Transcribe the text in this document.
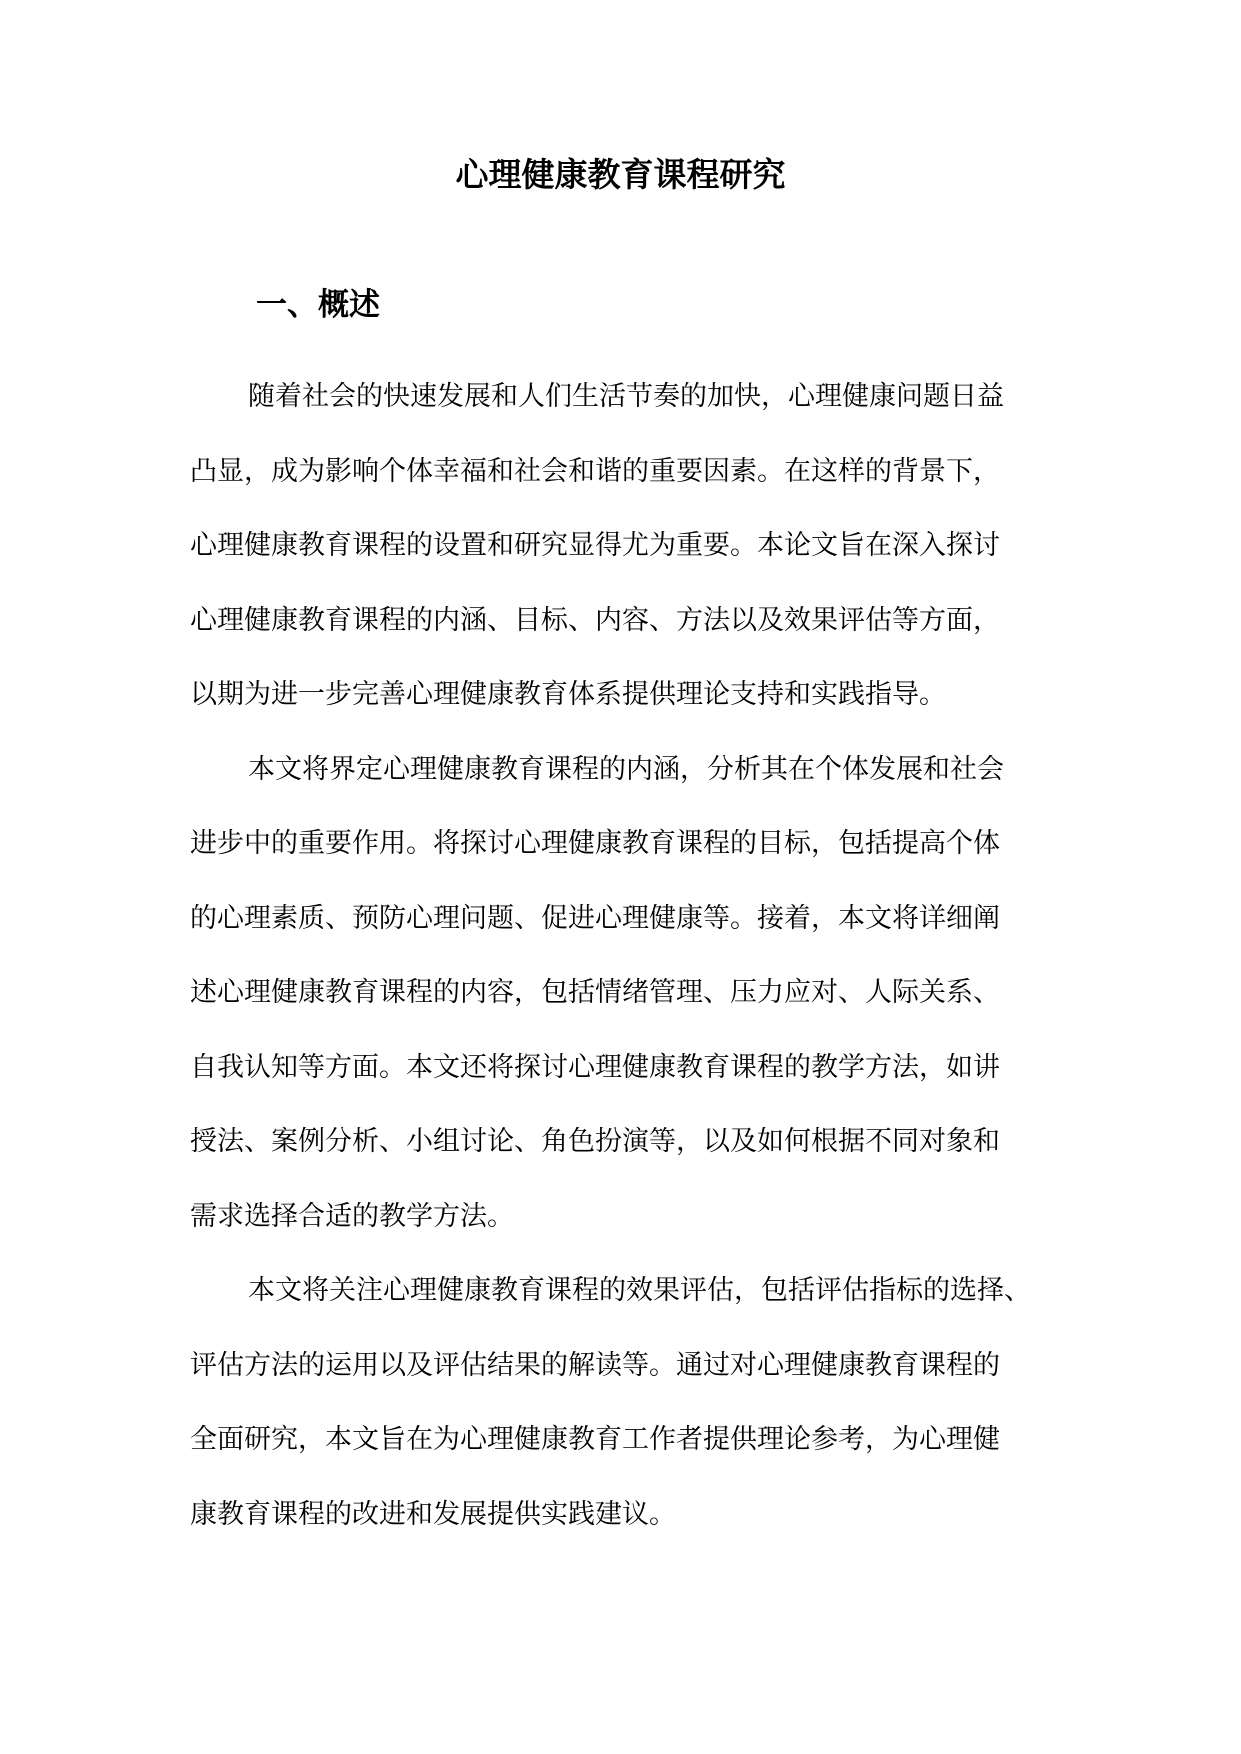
心理健康教育课程研究
一、概述

随着社会的快速发展和人们生活节奏的加快，心理健康问题日益
凸显，成为影响个体幸福和社会和谐的重要因素。在这样的背景下，
心理健康教育课程的设置和研究显得尤为重要。本论文旨在深入探讨
心理健康教育课程的内涵、目标、内容、方法以及效果评估等方面，
以期为进一步完善心理健康教育体系提供理论支持和实践指导。

本文将界定心理健康教育课程的内涵，分析其在个体发展和社会
进步中的重要作用。将探讨心理健康教育课程的目标，包括提高个体
的心理素质、预防心理问题、促进心理健康等。接着，本文将详细阐
述心理健康教育课程的内容，包括情绪管理、压力应对、人际关系、
自我认知等方面。本文还将探讨心理健康教育课程的教学方法，如讲
授法、案例分析、小组讨论、角色扮演等，以及如何根据不同对象和
需求选择合适的教学方法。

本文将关注心理健康教育课程的效果评估，包括评估指标的选择、
评估方法的运用以及评估结果的解读等。通过对心理健康教育课程的
全面研究，本文旨在为心理健康教育工作者提供理论参考，为心理健
康教育课程的改进和发展提供实践建议。
